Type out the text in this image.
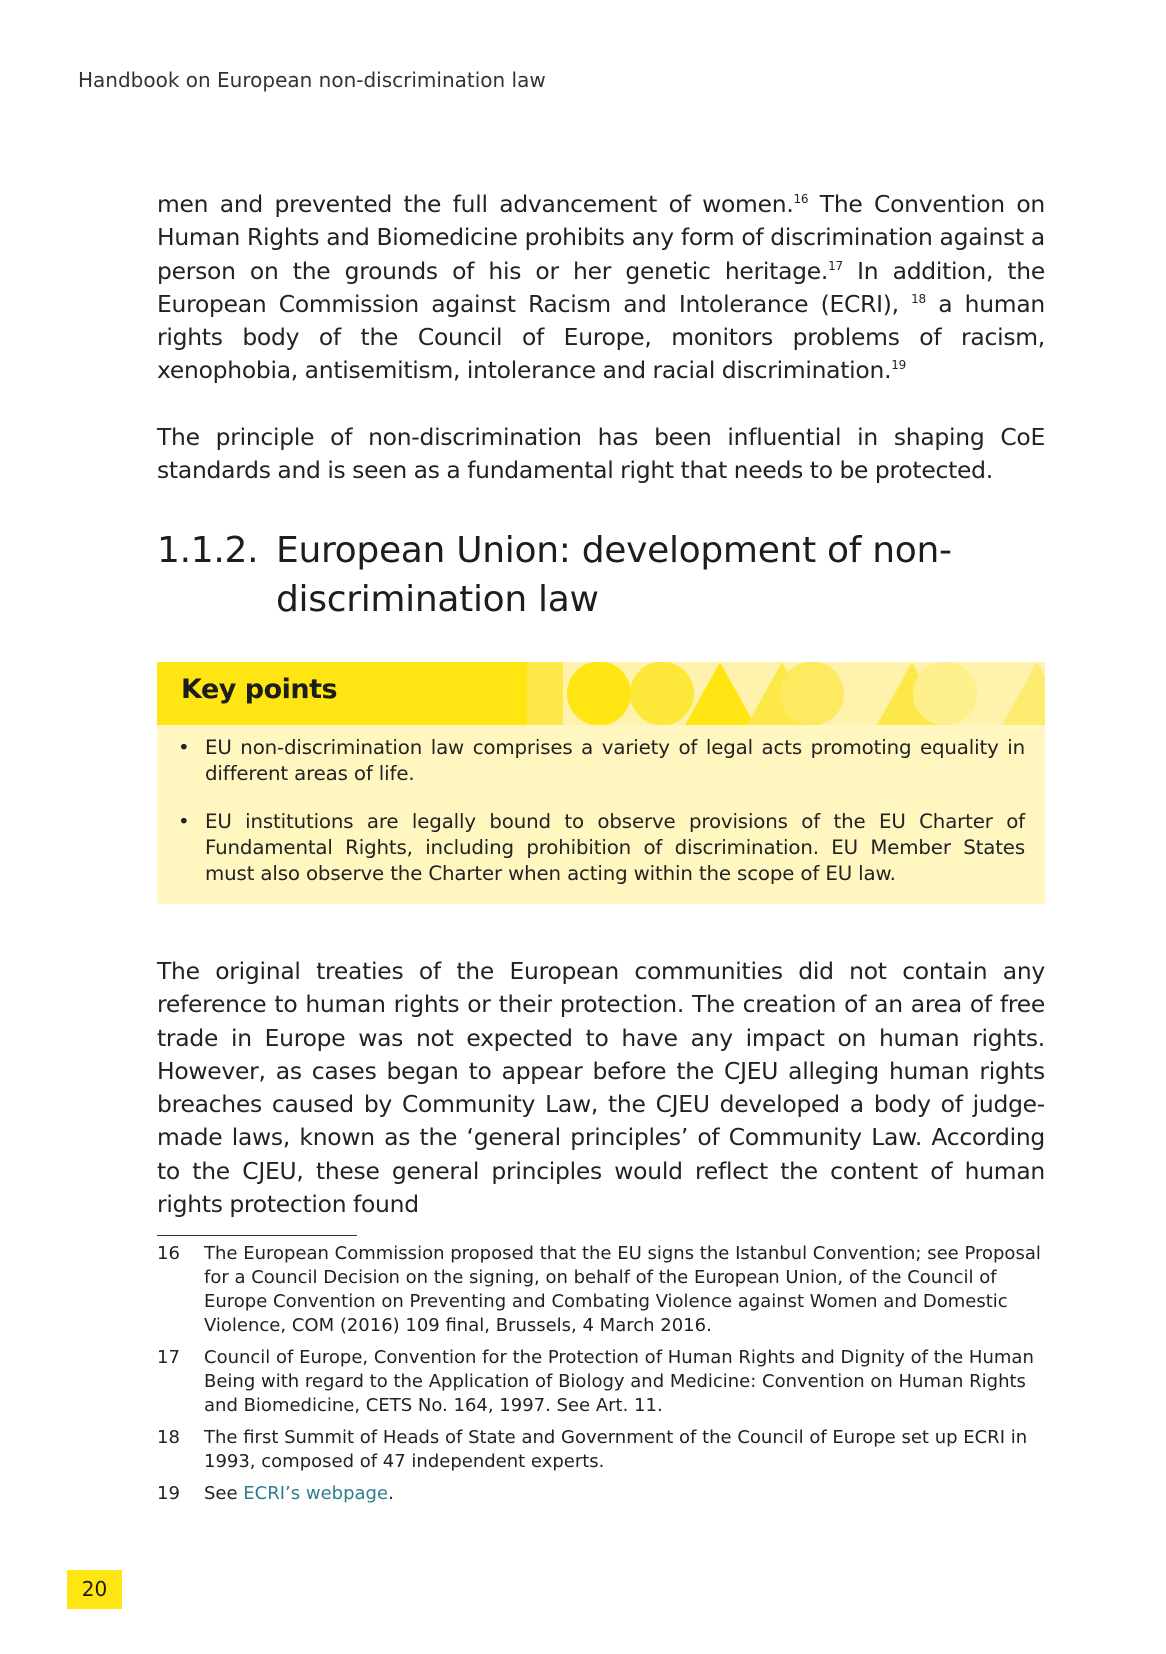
Handbook on European non-discrimination law

men and prevented the full advancement of women.$^{16}$ The Convention on Human Rights and Biomedicine prohibits any form of discrimination against a person on the grounds of his or her genetic heritage.$^{17}$ In addition, the European Commission against Racism and Intolerance (ECRI), $^{18}$ a human rights body of the Council of Europe, monitors problems of racism, xenophobia, antisemitism, intolerance and racial discrimination.$^{19}$

The principle of non-discrimination has been influential in shaping CoE standards and is seen as a fundamental right that needs to be protected.

1.1.2. European Union: development of non-discrimination law
Key points
• EU non-discrimination law comprises a variety of legal acts promoting equality in different areas of life.
• EU institutions are legally bound to observe provisions of the EU Charter of Fundamental Rights, including prohibition of discrimination. EU Member States must also observe the Charter when acting within the scope of EU law.

The original treaties of the European communities did not contain any reference to human rights or their protection. The creation of an area of free trade in Europe was not expected to have any impact on human rights. However, as cases began to appear before the CJEU alleging human rights breaches caused by Community Law, the CJEU developed a body of judge-made laws, known as the ‘general principles’ of Community Law. According to the CJEU, these general principles would reflect the content of human rights protection found

16 The European Commission proposed that the EU signs the Istanbul Convention; see Proposal for a Council Decision on the signing, on behalf of the European Union, of the Council of Europe Convention on Preventing and Combating Violence against Women and Domestic Violence, COM (2016) 109 final, Brussels, 4 March 2016.
17 Council of Europe, Convention for the Protection of Human Rights and Dignity of the Human Being with regard to the Application of Biology and Medicine: Convention on Human Rights and Biomedicine, CETS No. 164, 1997. See Art. 11.
18 The first Summit of Heads of State and Government of the Council of Europe set up ECRI in 1993, composed of 47 independent experts.
19 See ECRI’s webpage.
20
